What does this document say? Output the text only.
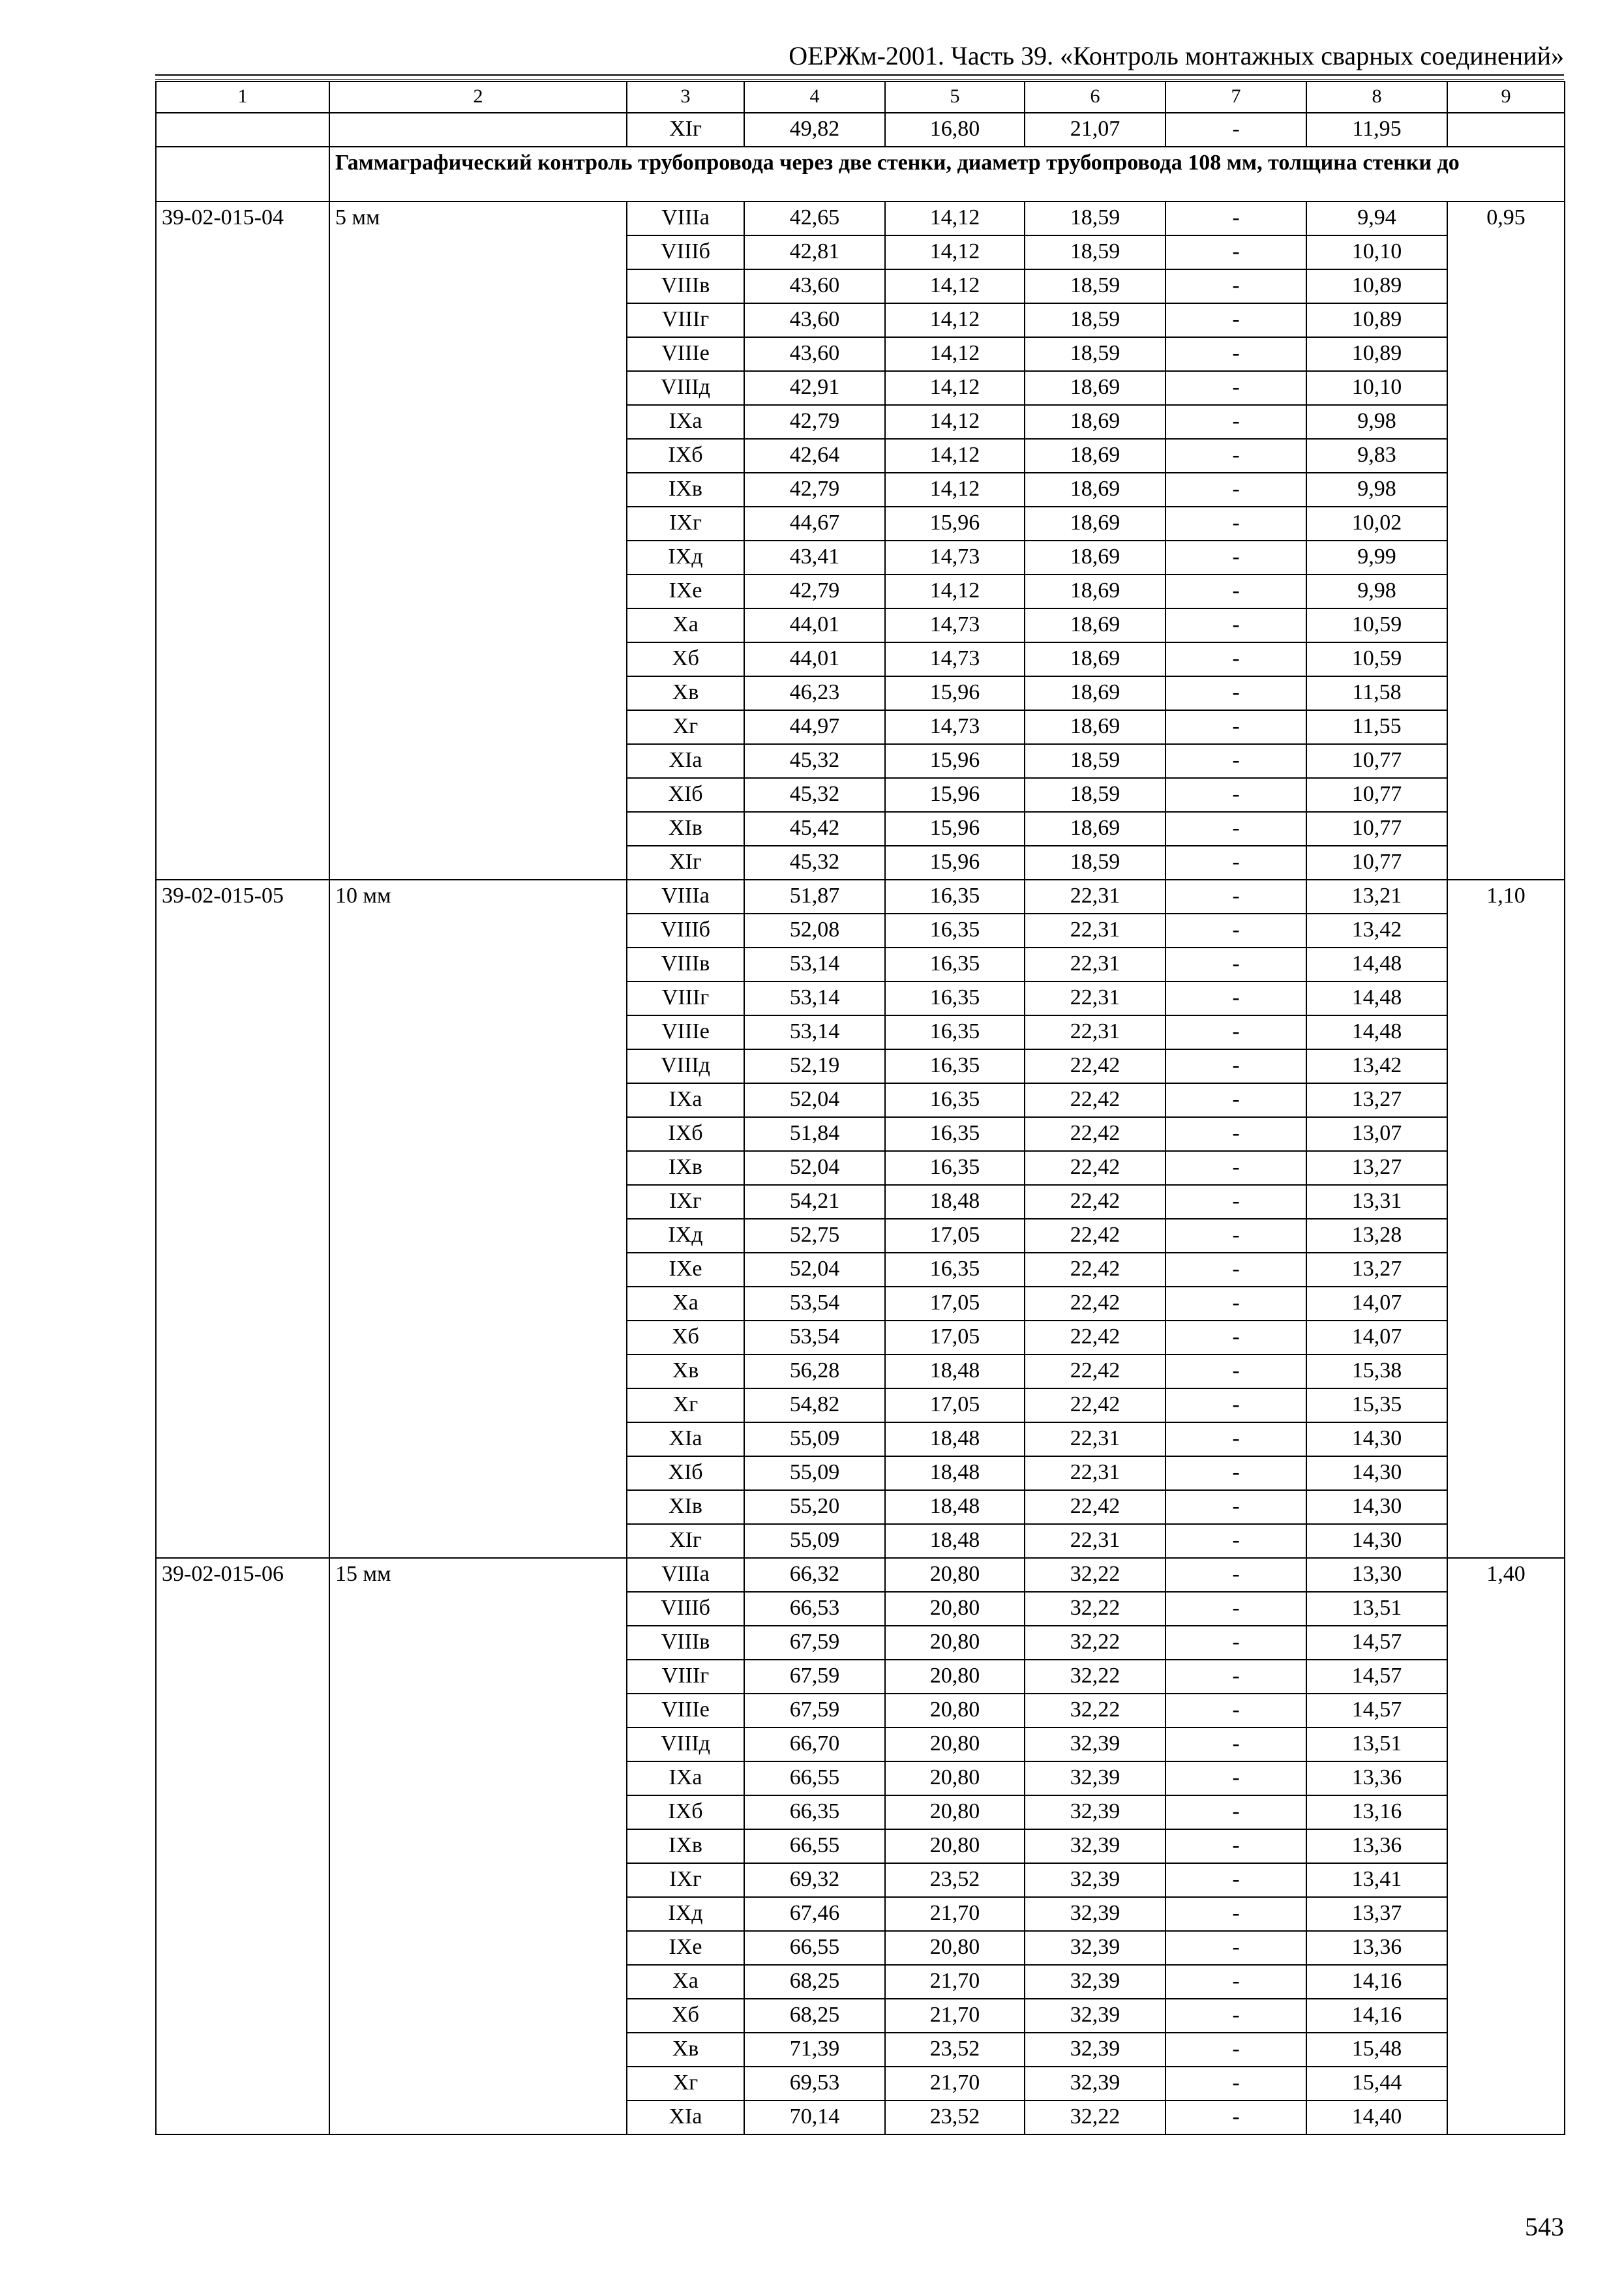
ОЕРЖм-2001. Часть 39. «Контроль монтажных сварных соединений»
1	2	3	4	5	6	7	8	9
		XIг	49,82	16,80	21,07	-	11,95	
	Гаммаграфический контроль трубопровода через две стенки, диаметр трубопровода 108 мм, толщина стенки до							
39-02-015-04	5 мм	VIIIа	42,65	14,12	18,59	-	9,94	0,95
		VIIIб	42,81	14,12	18,59	-	10,10	
		VIIIв	43,60	14,12	18,59	-	10,89	
		VIIIг	43,60	14,12	18,59	-	10,89	
		VIIIе	43,60	14,12	18,59	-	10,89	
		VIIIд	42,91	14,12	18,69	-	10,10	
		IXа	42,79	14,12	18,69	-	9,98	
		IXб	42,64	14,12	18,69	-	9,83	
		IXв	42,79	14,12	18,69	-	9,98	
		IXг	44,67	15,96	18,69	-	10,02	
		IXд	43,41	14,73	18,69	-	9,99	
		IXе	42,79	14,12	18,69	-	9,98	
		Xа	44,01	14,73	18,69	-	10,59	
		Xб	44,01	14,73	18,69	-	10,59	
		Xв	46,23	15,96	18,69	-	11,58	
		Xг	44,97	14,73	18,69	-	11,55	
		XIа	45,32	15,96	18,59	-	10,77	
		XIб	45,32	15,96	18,59	-	10,77	
		XIв	45,42	15,96	18,69	-	10,77	
		XIг	45,32	15,96	18,59	-	10,77	
39-02-015-05	10 мм	VIIIа	51,87	16,35	22,31	-	13,21	1,10
		VIIIб	52,08	16,35	22,31	-	13,42	
		VIIIв	53,14	16,35	22,31	-	14,48	
		VIIIг	53,14	16,35	22,31	-	14,48	
		VIIIе	53,14	16,35	22,31	-	14,48	
		VIIIд	52,19	16,35	22,42	-	13,42	
		IXа	52,04	16,35	22,42	-	13,27	
		IXб	51,84	16,35	22,42	-	13,07	
		IXв	52,04	16,35	22,42	-	13,27	
		IXг	54,21	18,48	22,42	-	13,31	
		IXд	52,75	17,05	22,42	-	13,28	
		IXе	52,04	16,35	22,42	-	13,27	
		Xа	53,54	17,05	22,42	-	14,07	
		Xб	53,54	17,05	22,42	-	14,07	
		Xв	56,28	18,48	22,42	-	15,38	
		Xг	54,82	17,05	22,42	-	15,35	
		XIа	55,09	18,48	22,31	-	14,30	
		XIб	55,09	18,48	22,31	-	14,30	
		XIв	55,20	18,48	22,42	-	14,30	
		XIг	55,09	18,48	22,31	-	14,30	
39-02-015-06	15 мм	VIIIа	66,32	20,80	32,22	-	13,30	1,40
		VIIIб	66,53	20,80	32,22	-	13,51	
		VIIIв	67,59	20,80	32,22	-	14,57	
		VIIIг	67,59	20,80	32,22	-	14,57	
		VIIIе	67,59	20,80	32,22	-	14,57	
		VIIIд	66,70	20,80	32,39	-	13,51	
		IXа	66,55	20,80	32,39	-	13,36	
		IXб	66,35	20,80	32,39	-	13,16	
		IXв	66,55	20,80	32,39	-	13,36	
		IXг	69,32	23,52	32,39	-	13,41	
		IXд	67,46	21,70	32,39	-	13,37	
		IXе	66,55	20,80	32,39	-	13,36	
		Xа	68,25	21,70	32,39	-	14,16	
		Xб	68,25	21,70	32,39	-	14,16	
		Xв	71,39	23,52	32,39	-	15,48	
		Xг	69,53	21,70	32,39	-	15,44	
		XIа	70,14	23,52	32,22	-	14,40	
543
